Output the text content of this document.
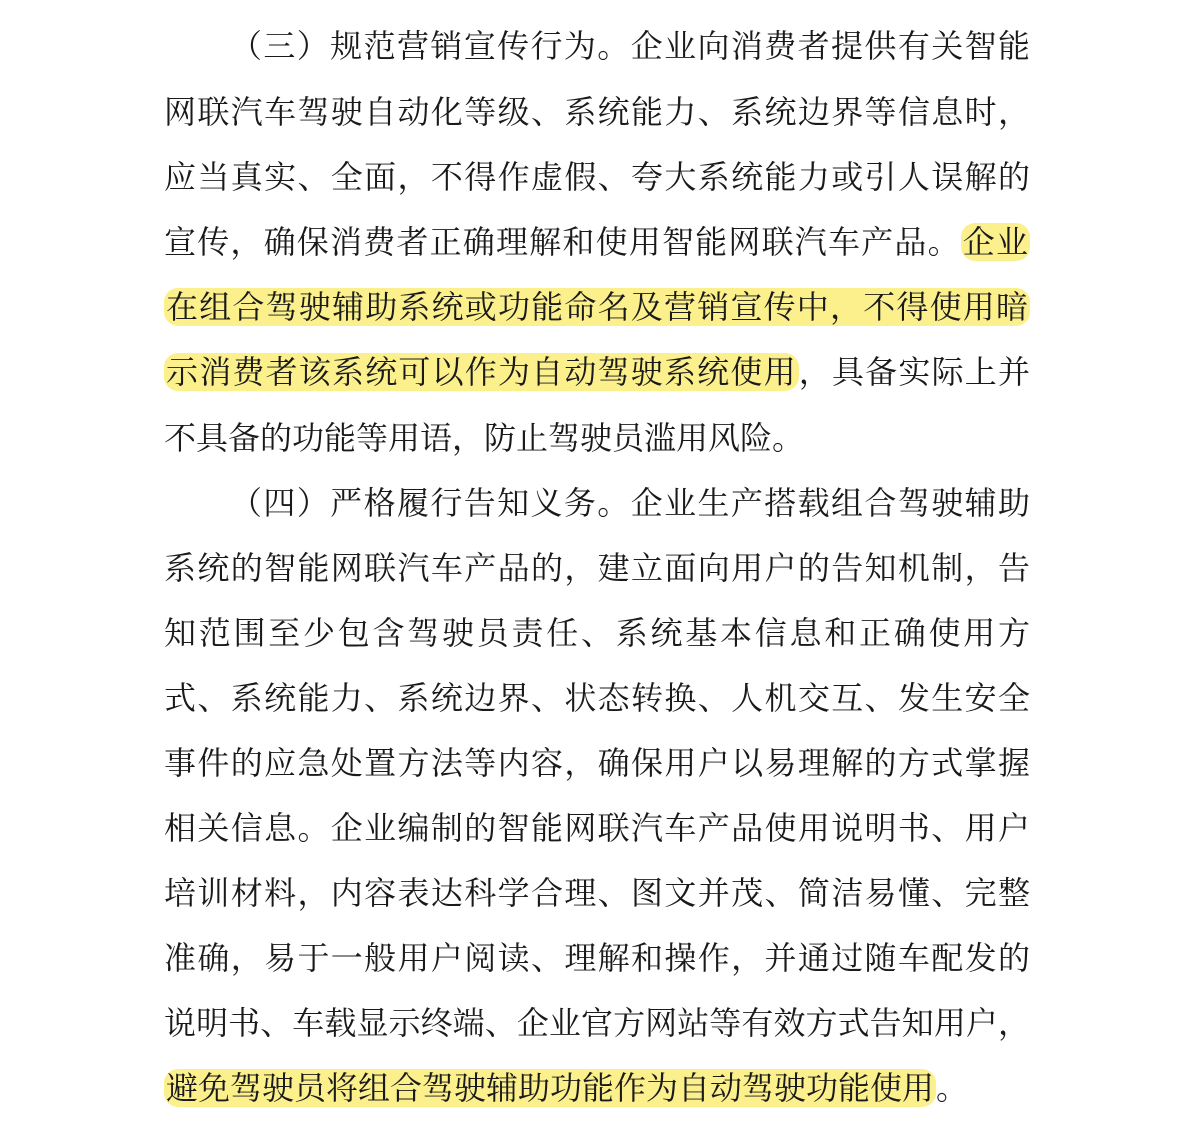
（三）规范营销宣传行为。企业向消费者提供有关智能
网联汽车驾驶自动化等级、系统能力、系统边界等信息时，
应当真实、全面，不得作虚假、夸大系统能力或引人误解的
宣传，确保消费者正确理解和使用智能网联汽车产品。企业
在组合驾驶辅助系统或功能命名及营销宣传中，不得使用暗
示消费者该系统可以作为自动驾驶系统使用，具备实际上并
不具备的功能等用语，防止驾驶员滥用风险。
（四）严格履行告知义务。企业生产搭载组合驾驶辅助
系统的智能网联汽车产品的，建立面向用户的告知机制，告
知范围至少包含驾驶员责任、系统基本信息和正确使用方
式、系统能力、系统边界、状态转换、人机交互、发生安全
事件的应急处置方法等内容，确保用户以易理解的方式掌握
相关信息。企业编制的智能网联汽车产品使用说明书、用户
培训材料，内容表达科学合理、图文并茂、简洁易懂、完整
准确，易于一般用户阅读、理解和操作，并通过随车配发的
说明书、车载显示终端、企业官方网站等有效方式告知用户，
避免驾驶员将组合驾驶辅助功能作为自动驾驶功能使用。
